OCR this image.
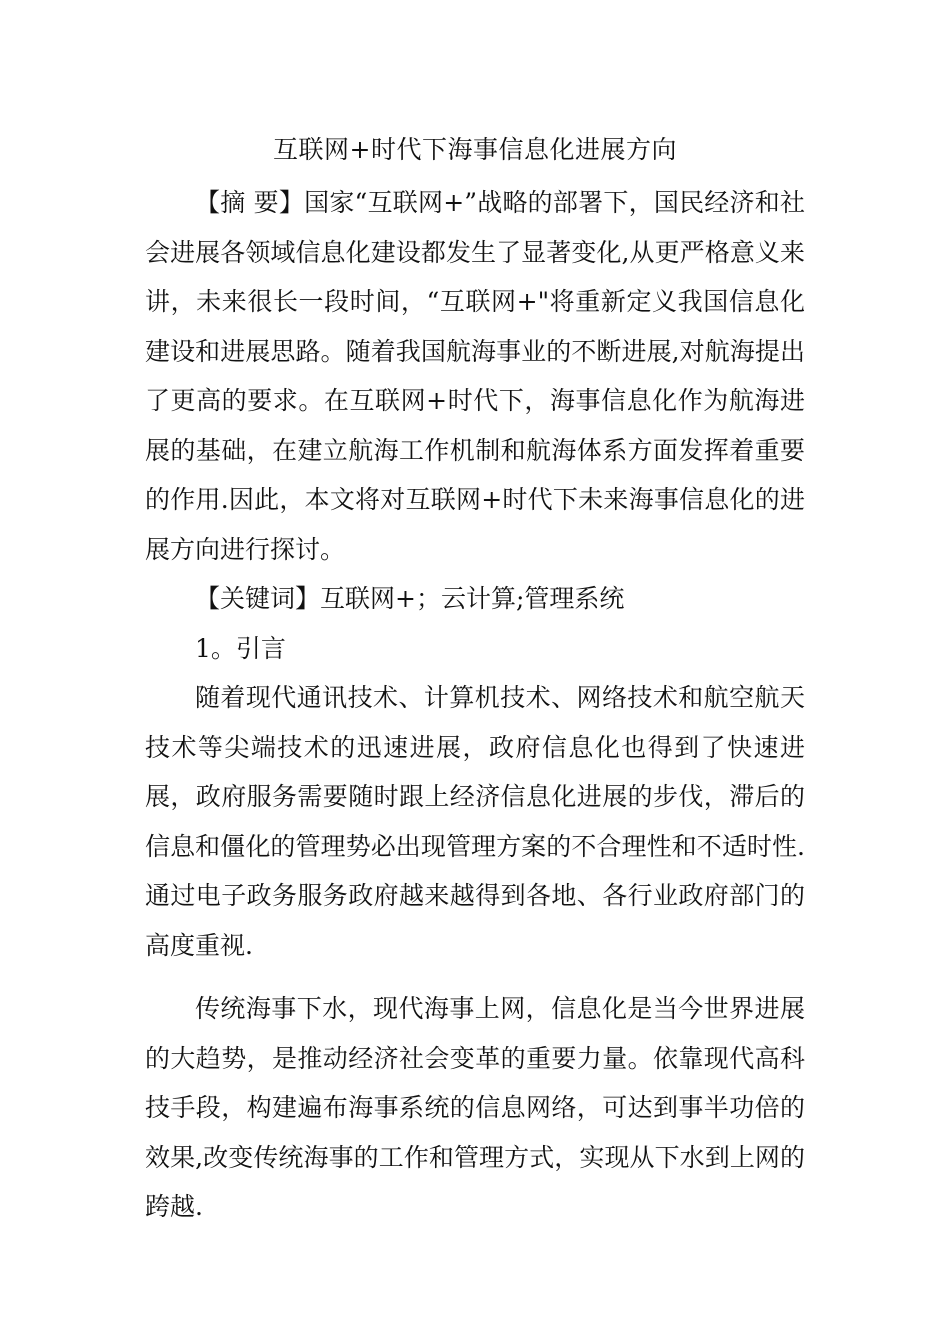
互联网+时代下海事信息化进展方向

【摘 要】国家“互联网+”战略的部署下，国民经济和社会进展各领域信息化建设都发生了显著变化,从更严格意义来讲，未来很长一段时间，“互联网+"将重新定义我国信息化建设和进展思路。随着我国航海事业的不断进展,对航海提出了更高的要求。在互联网+时代下，海事信息化作为航海进展的基础，在建立航海工作机制和航海体系方面发挥着重要的作用.因此，本文将对互联网+时代下未来海事信息化的进展方向进行探讨。

【关键词】互联网+；云计算;管理系统

1。引言

随着现代通讯技术、计算机技术、网络技术和航空航天技术等尖端技术的迅速进展，政府信息化也得到了快速进展，政府服务需要随时跟上经济信息化进展的步伐，滞后的信息和僵化的管理势必出现管理方案的不合理性和不适时性.通过电子政务服务政府越来越得到各地、各行业政府部门的高度重视.

传统海事下水，现代海事上网，信息化是当今世界进展的大趋势，是推动经济社会变革的重要力量。依靠现代高科技手段，构建遍布海事系统的信息网络，可达到事半功倍的效果,改变传统海事的工作和管理方式，实现从下水到上网的跨越.
